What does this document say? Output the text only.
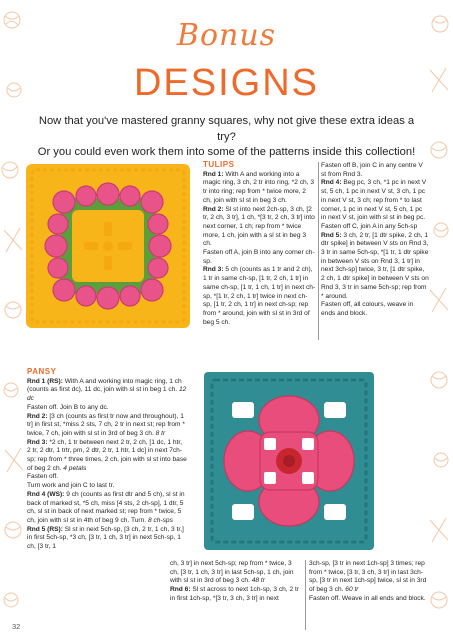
Bonus
DESIGNS
Now that you've mastered granny squares, why not give these extra ideas a try?
Or you could even work them into some of the patterns inside this collection!
TULIPS

Rnd 1: With A and working into a magic ring, 3 ch, 2 tr into ring, *2 ch, 3 tr into ring; rep from * twice more, 2 ch, join with sl st in beg 3 ch.

Rnd 2: Sl st into next 2ch-sp, 3 ch, [2 tr, 2 ch, 3 tr], 1 ch, *[3 tr, 2 ch, 3 tr] into next corner, 1 ch; rep from * twice more, 1 ch, join with a sl st in beg 3 ch.

Fasten off A, join B into any corner ch-sp.

Rnd 3: 5 ch (counts as 1 tr and 2 ch), 1 tr in same ch-sp, [1 tr, 2 ch, 1 tr] in same ch-sp, [1 tr, 1 ch, 1 tr] in next ch-sp, *[1 tr, 2 ch, 1 tr] twice in next ch-sp, [1 tr, 2 ch, 1 tr] in next ch-sp; rep from * around, join with sl st in 3rd of beg 5 ch.

Fasten off B, join C in any centre V st from Rnd 3.

Rnd 4: Beg pc, 3 ch, *1 pc in next V st, 5 ch, 1 pc in next V st, 3 ch, 1 pc in next V st, 3 ch; rep from * to last corner, 1 pc in next V st, 5 ch, 1 pc in next V st, join with sl st in beg pc.

Fasten off C, join A in any 5ch-sp

Rnd 5: 3 ch, 2 tr, [1 dtr spike, 2 ch, 1 dtr spike] in between V sts on Rnd 3, 3 tr in same 5ch-sp, *[1 tr, 1 dtr spike in between V sts on Rnd 3, 1 tr] in next 3ch-sp] twice, 3 tr, [1 dtr spike, 2 ch, 1 dtr spike] in between V sts on Rnd 3, 3 tr in same 5ch-sp; rep from * around.

Fasten off, all colours, weave in ends and block.

PANSY

Rnd 1 (RS): With A and working into magic ring, 1 ch (counts as first dc), 11 dc, join with sl st in beg 1 ch. 12 dc

Fasten off. Join B to any dc.

Rnd 2: [3 ch (counts as first tr now and throughout), 1 tr] in first st, *miss 2 sts, 7 ch, 2 tr in next st; rep from * twice, 7 ch, join with sl st in 3rd of beg 3 ch. 8 tr

Rnd 3: *2 ch, 1 tr between next 2 tr, 2 ch, [1 dc, 1 htr, 2 tr, 2 dtr, 1 trtr, pm, 2 dtr, 2 tr, 1 htr, 1 dc] in next 7ch-sp; rep from * three times, 2 ch, join with sl st into base of beg 2 ch. 4 petals

Fasten off.

Turn work and join C to last tr.

Rnd 4 (WS): 9 ch (counts as first dtr and 5 ch), sl st in back of marked st, *5 ch, miss [4 sts, 2 ch-sp], 1 dtr, 5 ch, sl st in back of next marked st; rep from * twice, 5 ch, join with sl st in 4th of beg 9 ch. Turn. 8 ch-sps

Rnd 5 (RS): Sl st in next 5ch-sp, [3 ch, 2 tr, 1 ch, 3 tr,] in first 5ch-sp, *3 ch, [3 tr, 1 ch, 3 tr] in next 5ch-sp, 1 ch, [3 tr, 1

ch, 3 tr] in next 5ch-sp; rep from * twice, 3 ch, [3 tr, 1 ch, 3 tr] in last 5ch-sp, 1 ch, join with sl st in 3rd of beg 3 ch. 48 tr

Rnd 6: Sl st across to next 1ch-sp, 3 ch, 2 tr in first 1ch-sp, *[3 tr, 3 ch, 3 tr] in next

3ch-sp, [3 tr in next 1ch-sp] 3 times; rep from * twice, [3 tr, 3 ch, 3 tr] in last 3ch-sp, [3 tr in next 1ch-sp] twice, sl st in 3rd of beg 3 ch. 60 tr

Fasten off. Weave in all ends and block.

32
